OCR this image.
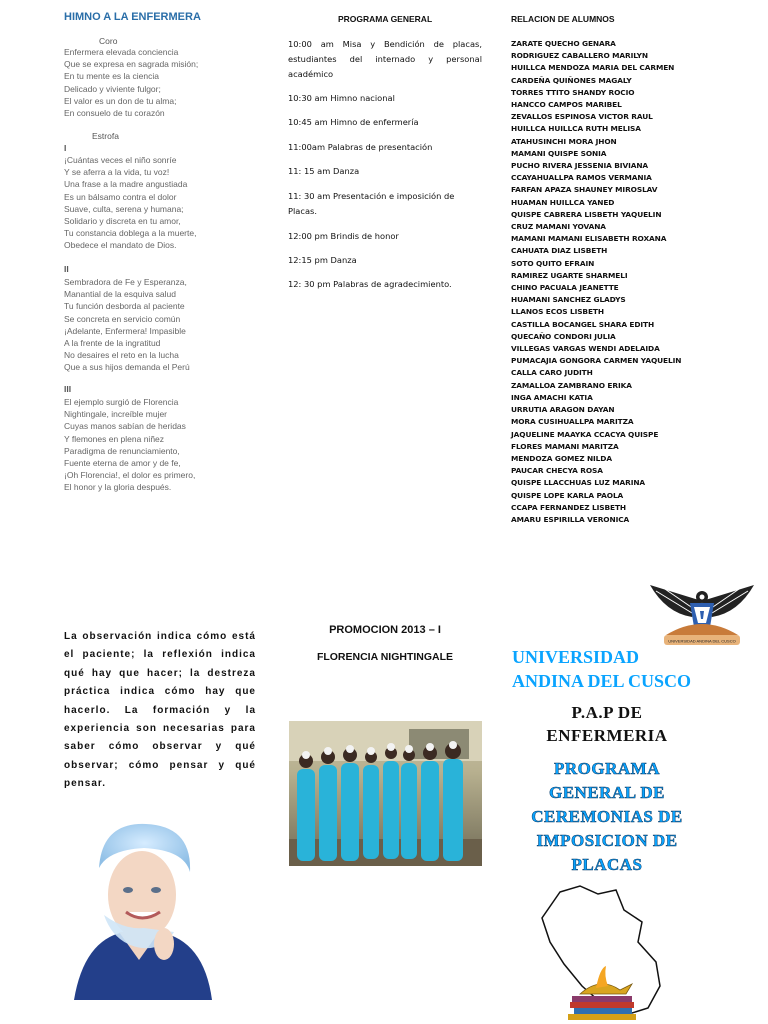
HIMNO A LA ENFERMERA
Coro
Enfermera elevada conciencia
Que se expresa en sagrada misión;
En tu mente es la ciencia
Delicado y viviente fulgor;
El valor es un don de tu alma;
En consuelo de tu corazón
Estrofa
I
¡Cuántas veces el niño sonríe
Y se aferra a la vida, tu voz!
Una frase a la madre angustiada
Es un bálsamo contra el dolor
Suave, culta, serena y humana;
Solidario y discreta en tu amor,
Tu constancia doblega a la muerte,
Obedece el mandato de Dios.
II
Sembradora de Fe y Esperanza,
Manantial de la esquiva salud
Tu función desborda al paciente
Se concreta en servicio común
¡Adelante, Enfermera! Impasible
A la frente de la ingratitud
No desaires el reto en la lucha
Que a sus hijos demanda el Perú
III
El ejemplo surgió de Florencia
Nightingale, increíble mujer
Cuyas manos sabían de heridas
Y flemones en plena niñez
Paradigma de renunciamiento,
Fuente eterna de amor y de fe,
¡Oh Florencia!, el dolor es primero,
El honor y la gloria después.
PROGRAMA GENERAL
10:00 am Misa y Bendición de placas, estudiantes del internado y personal académico
10:30 am Himno nacional
10:45 am Himno de enfermería
11:00am Palabras de presentación
11: 15 am Danza
11: 30 am Presentación e imposición de Placas.
12:00 pm Brindis de honor
12:15 pm Danza
12: 30 pm Palabras de agradecimiento.
RELACION DE ALUMNOS
ZARATE QUECHO GENARA
RODRIGUEZ CABALLERO MARILYN
HUILLCA MENDOZA MARIA DEL CARMEN
CARDEÑA QUIÑONES MAGALY
TORRES TTITO SHANDY ROCIO
HANCCO CAMPOS MARIBEL
ZEVALLOS ESPINOSA VICTOR RAUL
HUILLCA HUILLCA RUTH MELISA
ATAHUSINCHI MORA JHON
MAMANI QUISPE SONIA
PUCHO RIVERA JESSENIA BIVIANA
CCAYAHUALLPA RAMOS VERMANIA
FARFAN APAZA SHAUNEY MIROSLAV
HUAMAN HUILLCA YANED
QUISPE CABRERA LISBETH YAQUELIN
CRUZ MAMANI YOVANA
MAMANI MAMANI ELISABETH ROXANA
CAHUATA DIAZ LISBETH
SOTO QUITO EFRAIN
RAMIREZ UGARTE SHARMELI
CHINO PACUALA JEANETTE
HUAMANI SANCHEZ GLADYS
LLANOS ECOS LISBETH
CASTILLA BOCANGEL SHARA EDITH
QUECAÑO CONDORI JULIA
VILLEGAS VARGAS WENDI ADELAIDA
PUMACAJIA GONGORA CARMEN YAQUELIN
CALLA CARO JUDITH
ZAMALLOA ZAMBRANO ERIKA
INGA AMACHI KATIA
URRUTIA ARAGON DAYAN
MORA CUSIHUALLPA MARITZA
JAQUELINE MAAYKA CCACYA QUISPE
FLORES MAMANI MARITZA
MENDOZA GOMEZ NILDA
PAUCAR CHECYA ROSA
QUISPE LLACCHUAS LUZ MARINA
QUISPE LOPE KARLA PAOLA
CCAPA FERNANDEZ LISBETH
AMARU ESPIRILLA VERONICA
La observación indica cómo está el paciente; la reflexión indica qué hay que hacer; la destreza práctica indica cómo hay que hacerlo. La formación y la experiencia son necesarias para saber cómo observar y qué observar; cómo pensar y qué pensar.
PROMOCION 2013 – I
FLORENCIA NIGHTINGALE
UNIVERSIDAD ANDINA DEL CUSCO
UNIVERSIDAD ANDINA DEL CUSCO
P.A.P DE ENFERMERIA
PROGRAMA GENERAL DE CEREMONIAS DE IMPOSICION DE PLACAS
